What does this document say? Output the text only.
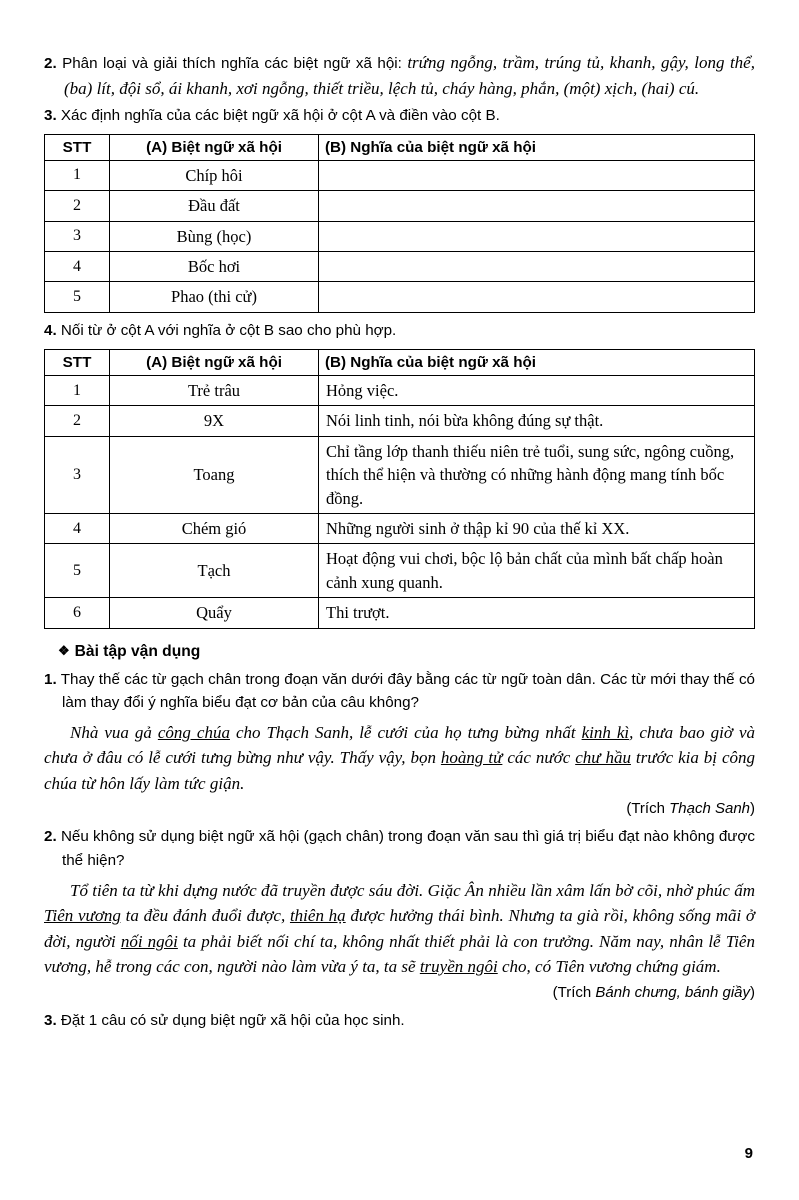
2. Phân loại và giải thích nghĩa các biệt ngữ xã hội: trứng ngỗng, trầm, trúng tủ, khanh, gậy, long thể, (ba) lít, đội sổ, ái khanh, xơi ngỗng, thiết triều, lệch tủ, cháy hàng, phắn, (một) xịch, (hai) cú.

3. Xác định nghĩa của các biệt ngữ xã hội ở cột A và điền vào cột B.

STT	(A) Biệt ngữ xã hội	(B) Nghĩa của biệt ngữ xã hội
1	Chíp hôi	
2	Đầu đất	
3	Bùng (học)	
4	Bốc hơi	
5	Phao (thi cử)	

4. Nối từ ở cột A với nghĩa ở cột B sao cho phù hợp.

STT	(A) Biệt ngữ xã hội	(B) Nghĩa của biệt ngữ xã hội
1	Trẻ trâu	Hỏng việc.
2	9X	Nói linh tinh, nói bừa không đúng sự thật.
3	Toang	Chỉ tầng lớp thanh thiếu niên trẻ tuổi, sung sức, ngông cuồng, thích thể hiện và thường có những hành động mang tính bốc đồng.
4	Chém gió	Những người sinh ở thập kỉ 90 của thế kỉ XX.
5	Tạch	Hoạt động vui chơi, bộc lộ bản chất của mình bất chấp hoàn cảnh xung quanh.
6	Quẩy	Thi trượt.
❖ Bài tập vận dụng

1. Thay thế các từ gạch chân trong đoạn văn dưới đây bằng các từ ngữ toàn dân. Các từ mới thay thế có làm thay đổi ý nghĩa biểu đạt cơ bản của câu không?

Nhà vua gả công chúa cho Thạch Sanh, lễ cưới của họ tưng bừng nhất kinh kì, chưa bao giờ và chưa ở đâu có lễ cưới tưng bừng như vậy. Thấy vậy, bọn hoàng tử các nước chư hầu trước kia bị công chúa từ hôn lấy làm tức giận.

(Trích Thạch Sanh)

2. Nếu không sử dụng biệt ngữ xã hội (gạch chân) trong đoạn văn sau thì giá trị biểu đạt nào không được thể hiện?

Tổ tiên ta từ khi dựng nước đã truyền được sáu đời. Giặc Ân nhiều lần xâm lấn bờ cõi, nhờ phúc ấm Tiên vương ta đều đánh đuổi được, thiên hạ được hưởng thái bình. Nhưng ta già rồi, không sống mãi ở đời, người nối ngôi ta phải biết nối chí ta, không nhất thiết phải là con trưởng. Năm nay, nhân lễ Tiên vương, hễ trong các con, người nào làm vừa ý ta, ta sẽ truyền ngôi cho, có Tiên vương chứng giám.

(Trích Bánh chưng, bánh giầy)

3. Đặt 1 câu có sử dụng biệt ngữ xã hội của học sinh.

9
